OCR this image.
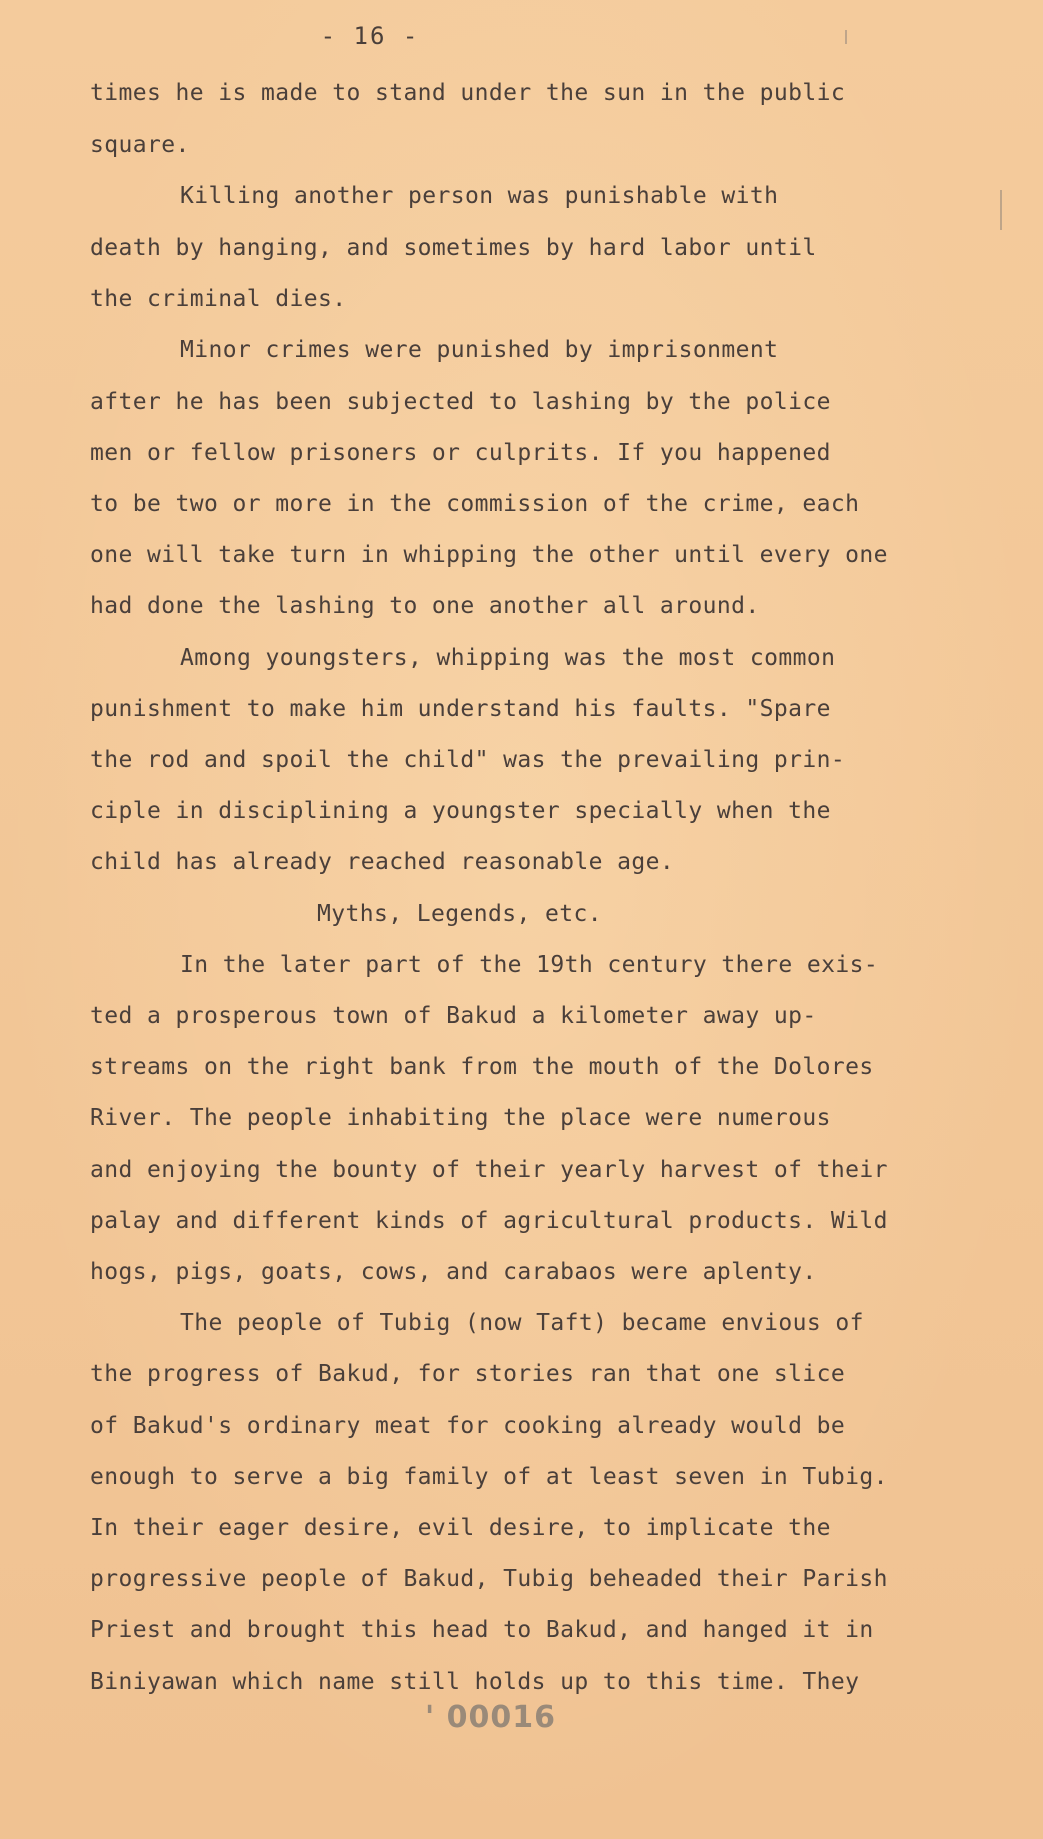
- 16 -
times he is made to stand under the sun in the public
square.
Killing another person was punishable with
death by hanging, and sometimes by hard labor until
the criminal dies.
Minor crimes were punished by imprisonment
after he has been subjected to lashing by the police
men or fellow prisoners or culprits. If you happened
to be two or more in the commission of the crime, each
one will take turn in whipping the other until every one
had done the lashing to one another all around.
Among youngsters, whipping was the most common
punishment to make him understand his faults. "Spare
the rod and spoil the child" was the prevailing prin-
ciple in disciplining a youngster specially when the
child has already reached reasonable age.
Myths, Legends, etc.
In the later part of the 19th century there exis-
ted a prosperous town of Bakud a kilometer away up-
streams on the right bank from the mouth of the Dolores
River. The people inhabiting the place were numerous
and enjoying the bounty of their yearly harvest of their
palay and different kinds of agricultural products. Wild
hogs, pigs, goats, cows, and carabaos were aplenty.
The people of Tubig (now Taft) became envious of
the progress of Bakud, for stories ran that one slice
of Bakud's ordinary meat for cooking already would be
enough to serve a big family of at least seven in Tubig.
In their eager desire, evil desire, to implicate the
progressive people of Bakud, Tubig beheaded their Parish
Priest and brought this head to Bakud, and hanged it in
Biniyawan which name still holds up to this time. They
' 00016
